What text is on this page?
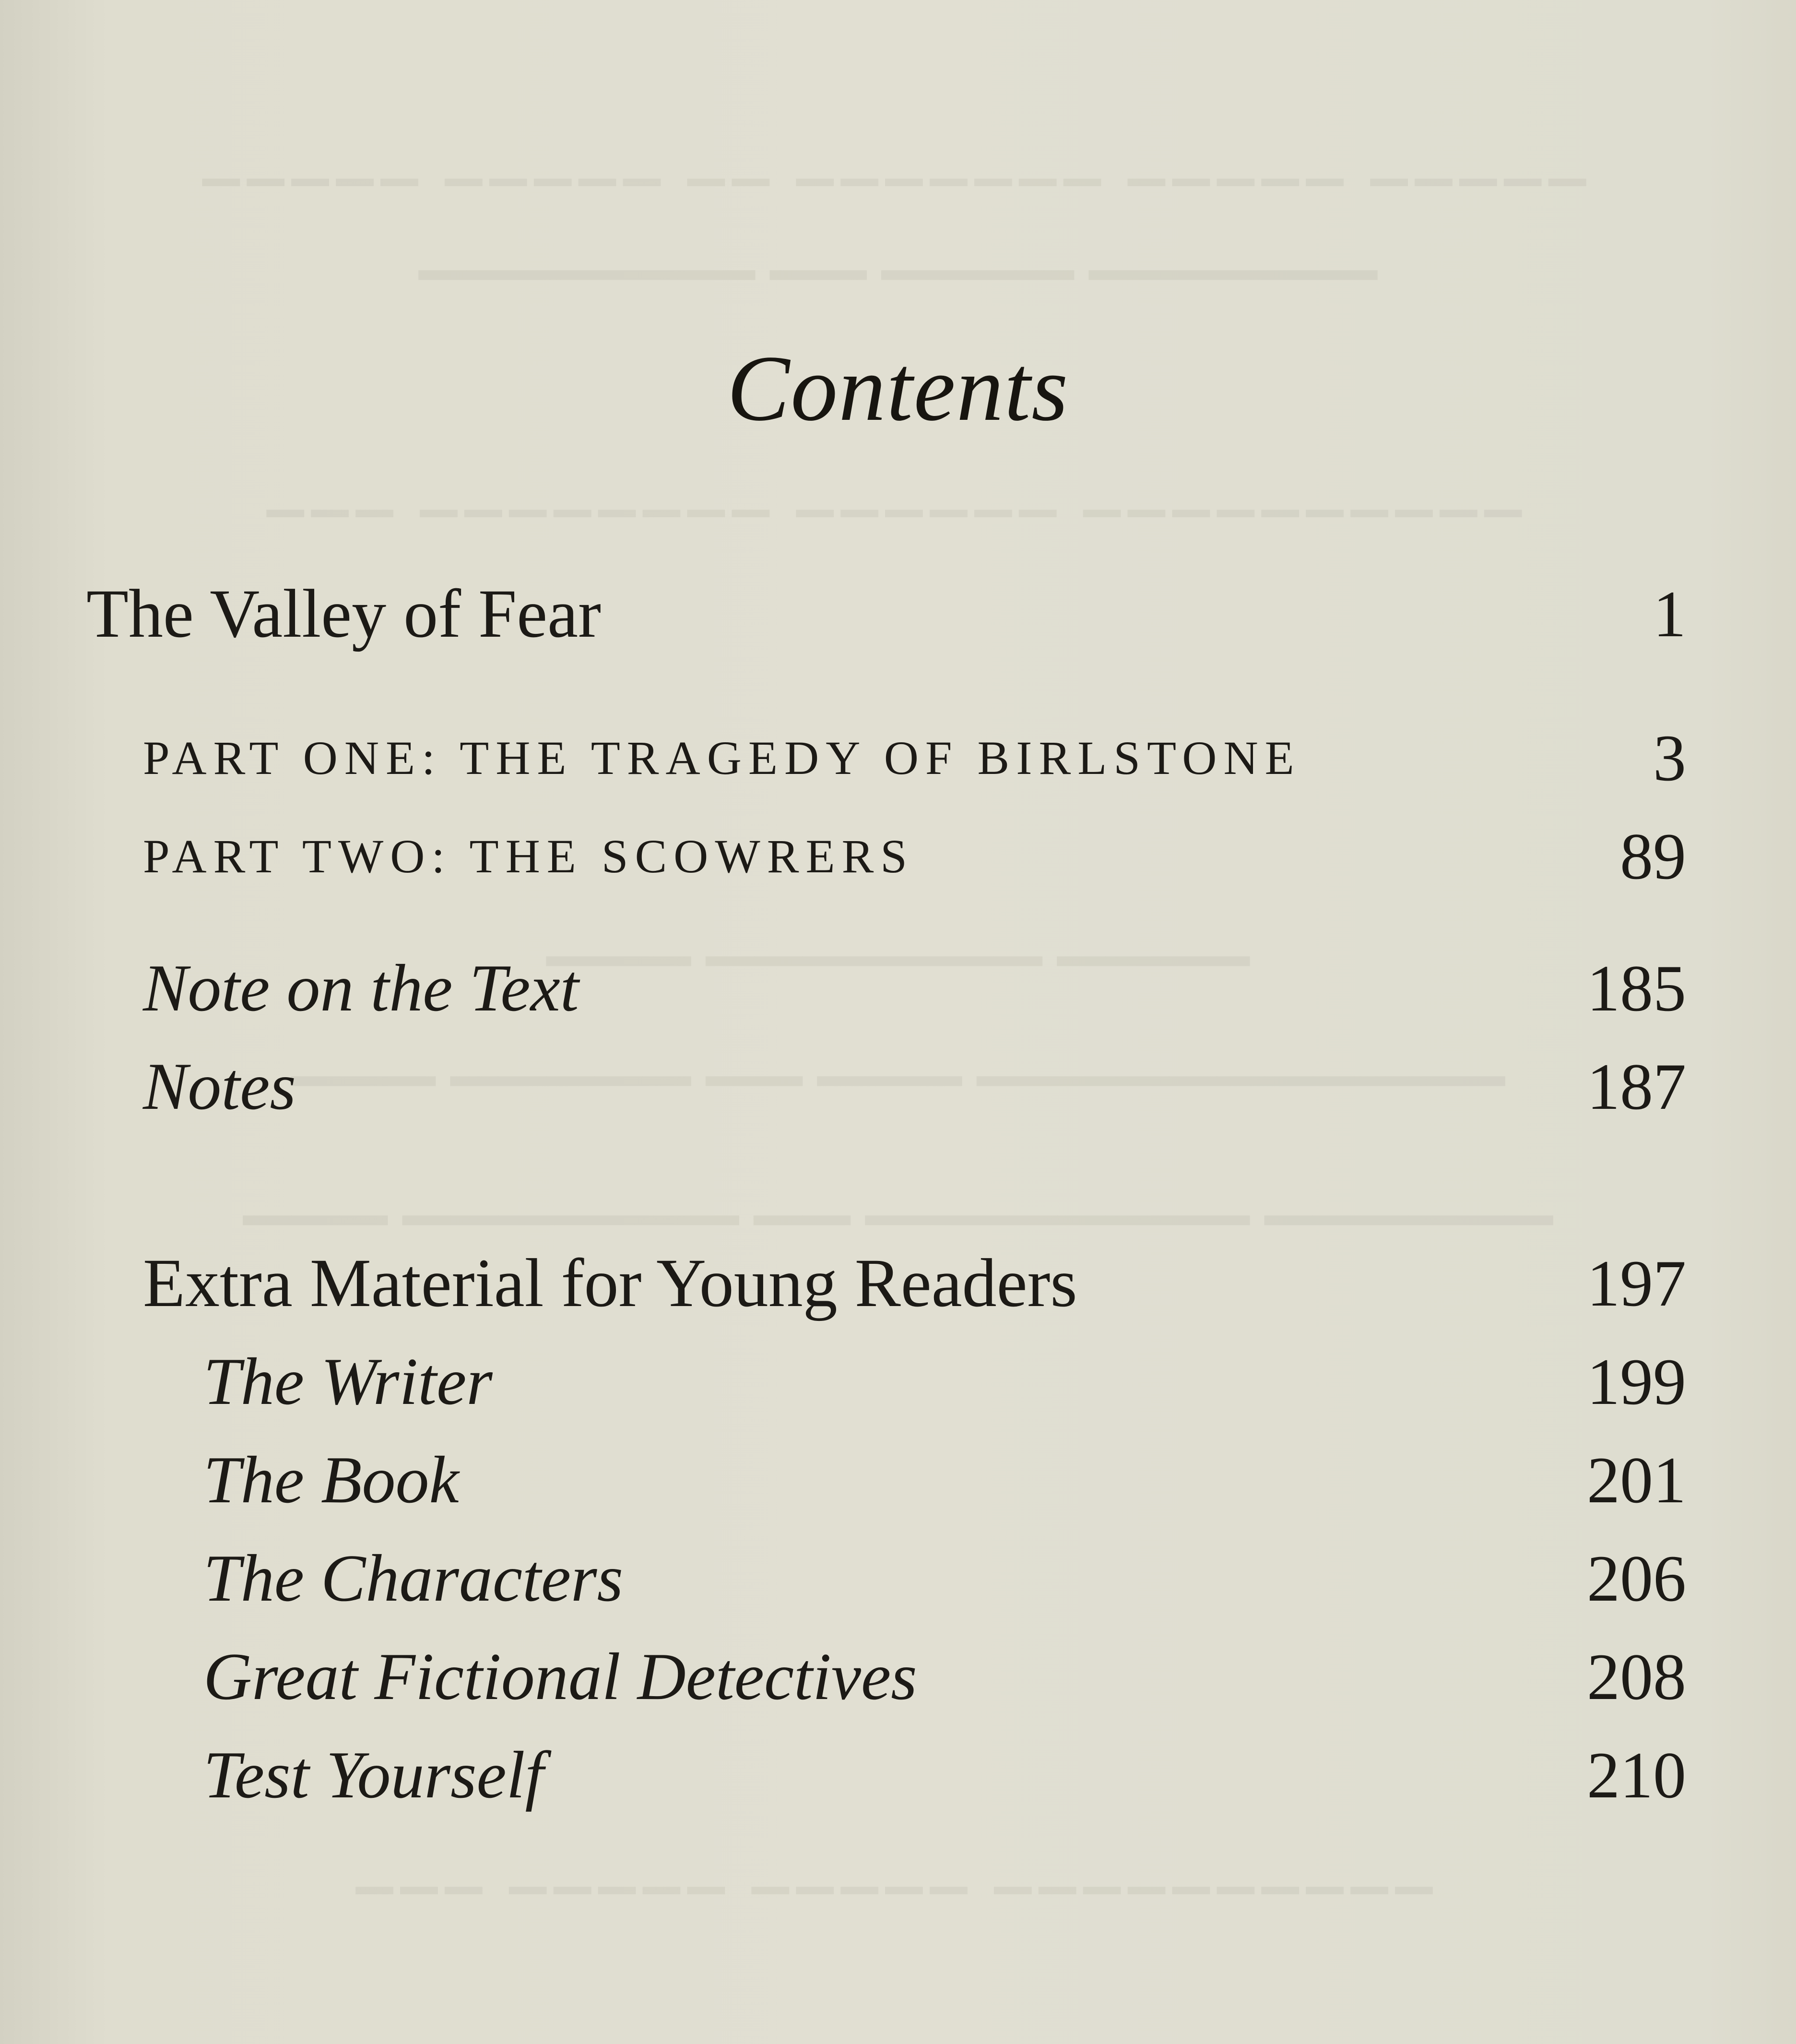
▁▁▁▁▁ ▁▁▁▁▁ ▁▁ ▁▁▁▁▁▁▁ ▁▁▁▁▁ ▁▁▁▁▁
▁▁▁▁▁▁▁ ▁▁ ▁▁▁▁ ▁▁▁▁▁▁
▁▁▁ ▁▁▁▁▁▁▁▁ ▁▁▁▁▁▁ ▁▁▁▁▁▁▁▁▁▁
▁▁▁ ▁▁▁▁▁▁▁ ▁▁▁▁
▁▁▁ ▁▁▁▁▁ ▁▁ ▁▁▁ ▁▁▁▁▁▁▁▁▁▁▁
▁▁▁ ▁▁▁▁▁▁▁ ▁▁ ▁▁▁▁▁▁▁▁ ▁▁▁▁▁▁
▁▁▁ ▁▁▁▁▁ ▁▁▁▁▁ ▁▁▁▁▁▁▁▁▁▁
Contents
The Valley of Fear	1
PART ONE: THE TRAGEDY OF BIRLSTONE	3
PART TWO: THE SCOWRERS	89
Note on the Text	185
Notes	187
Extra Material for Young Readers	197
The Writer	199
The Book	201
The Characters	206
Great Fictional Detectives	208
Test Yourself	210
